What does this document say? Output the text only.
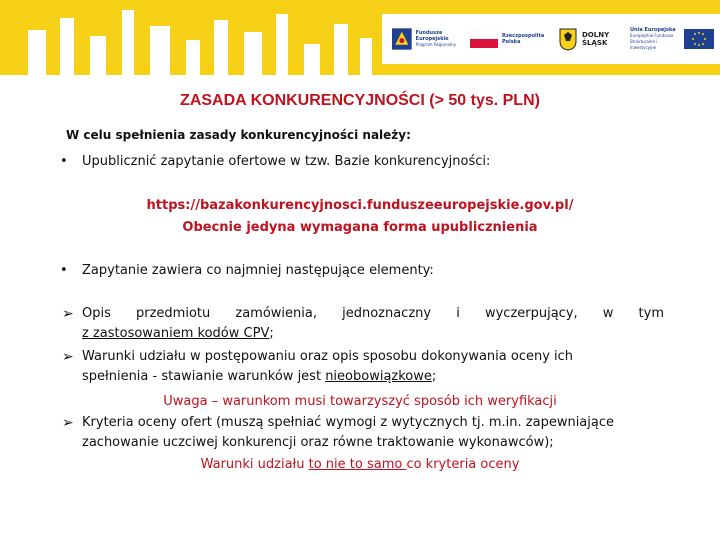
Fundusze Europejskie
Program Regionalny
Rzeczpospolita Polska
DOLNY ŚLĄSK
Unia Europejska
Europejskie Fundusze Strukturalne i Inwestycyjne
ZASADA KONKURENCYJNOŚCI (> 50 tys. PLN)
W celu spełnienia zasady konkurencyjności należy:
• Upublicznić zapytanie ofertowe w tzw. Bazie konkurencyjności:
https://bazakonkurencyjnosci.funduszeeuropejskie.gov.pl/
Obecnie jedyna wymagana forma upublicznienia
• Zapytanie zawiera co najmniej następujące elementy:
➢ Opis przedmiotu zamówienia, jednoznaczny i wyczerpujący, w tym
z zastosowaniem kodów CPV;
➢ Warunki udziału w postępowaniu oraz opis sposobu dokonywania oceny ich
spełnienia - stawianie warunków jest nieobowiązkowe;
Uwaga – warunkom musi towarzyszyć sposób ich weryfikacji
➢ Kryteria oceny ofert (muszą spełniać wymogi z wytycznych tj. m.in. zapewniające
zachowanie uczciwej konkurencji oraz równe traktowanie wykonawców);
Warunki udziału to nie to samo co kryteria oceny
